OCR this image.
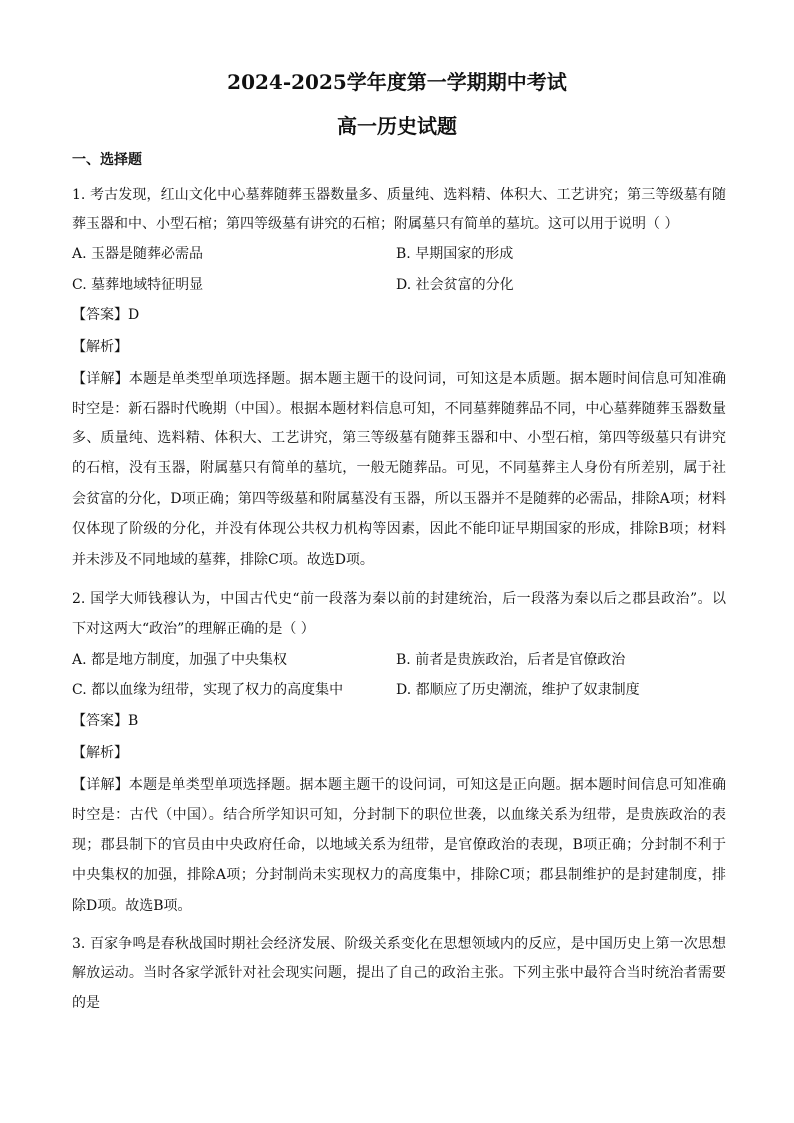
2024-2025学年度第一学期期中考试
高一历史试题
一、选择题
1. 考古发现，红山文化中心墓葬随葬玉器数量多、质量纯、选料精、体积大、工艺讲究；第三等级墓有随
葬玉器和中、小型石棺；第四等级墓有讲究的石棺；附属墓只有简单的墓坑。这可以用于说明（ ）
A. 玉器是随葬必需品	B. 早期国家的形成
C. 墓葬地域特征明显	D. 社会贫富的分化
【答案】D
【解析】
【详解】本题是单类型单项选择题。据本题主题干的设问词，可知这是本质题。据本题时间信息可知准确
时空是：新石器时代晚期（中国）。根据本题材料信息可知，不同墓葬随葬品不同，中心墓葬随葬玉器数量
多、质量纯、选料精、体积大、工艺讲究，第三等级墓有随葬玉器和中、小型石棺，第四等级墓只有讲究
的石棺，没有玉器，附属墓只有简单的墓坑，一般无随葬品。可见，不同墓葬主人身份有所差别，属于社
会贫富的分化，D项正确；第四等级墓和附属墓没有玉器，所以玉器并不是随葬的必需品，排除A项；材料
仅体现了阶级的分化，并没有体现公共权力机构等因素，因此不能印证早期国家的形成，排除B项；材料
并未涉及不同地域的墓葬，排除C项。故选D项。
2. 国学大师钱穆认为，中国古代史“前一段落为秦以前的封建统治，后一段落为秦以后之郡县政治”。以
下对这两大“政治”的理解正确的是（ ）
A. 都是地方制度，加强了中央集权	B. 前者是贵族政治，后者是官僚政治
C. 都以血缘为纽带，实现了权力的高度集中	D. 都顺应了历史潮流，维护了奴隶制度
【答案】B
【解析】
【详解】本题是单类型单项选择题。据本题主题干的设问词，可知这是正向题。据本题时间信息可知准确
时空是：古代（中国）。结合所学知识可知，分封制下的职位世袭，以血缘关系为纽带，是贵族政治的表
现；郡县制下的官员由中央政府任命，以地域关系为纽带，是官僚政治的表现，B项正确；分封制不利于
中央集权的加强，排除A项；分封制尚未实现权力的高度集中，排除C项；郡县制维护的是封建制度，排
除D项。故选B项。
3. 百家争鸣是春秋战国时期社会经济发展、阶级关系变化在思想领域内的反应，是中国历史上第一次思想
解放运动。当时各家学派针对社会现实问题，提出了自己的政治主张。下列主张中最符合当时统治者需要
的是
